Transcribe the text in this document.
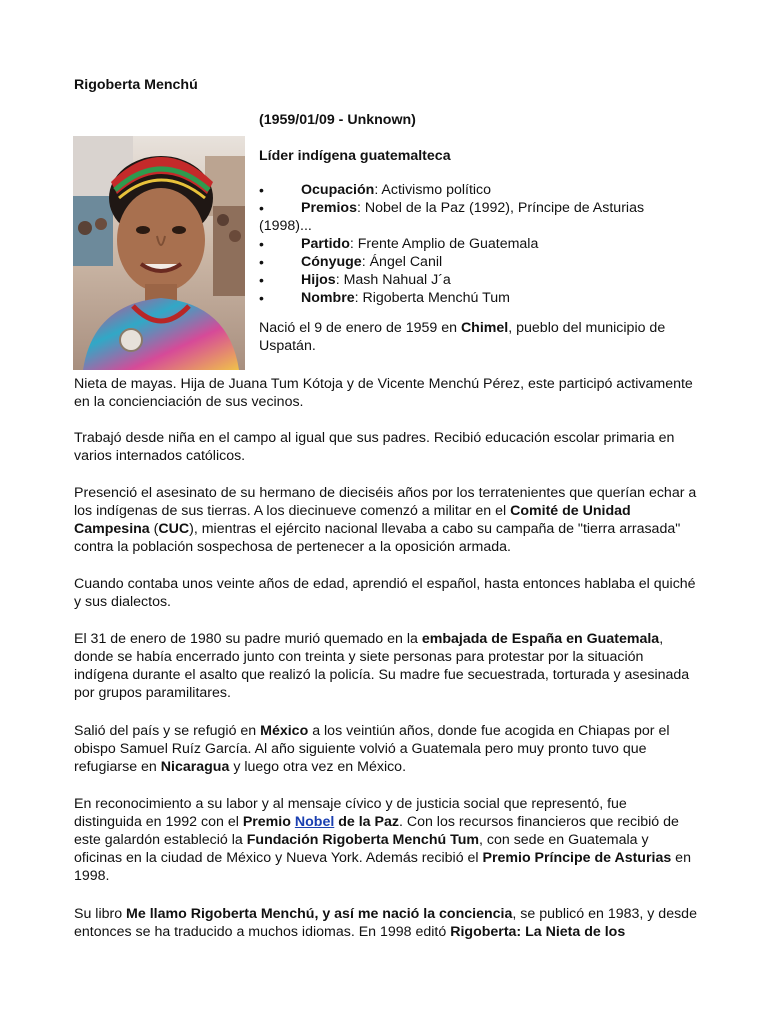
Rigoberta Menchú
(1959/01/09 - Unknown)
Líder indígena guatemalteca
• Ocupación: Activismo político
• Premios: Nobel de la Paz (1992), Príncipe de Asturias
(1998)...
• Partido: Frente Amplio de Guatemala
• Cónyuge: Ángel Canil
• Hijos: Mash Nahual J´a
• Nombre: Rigoberta Menchú Tum
Nació el 9 de enero de 1959 en Chimel, pueblo del municipio de Uspatán.
Nieta de mayas. Hija de Juana Tum Kótoja y de Vicente Menchú Pérez, este participó activamente en la concienciación de sus vecinos.
Trabajó desde niña en el campo al igual que sus padres. Recibió educación escolar primaria en varios internados católicos.
Presenció el asesinato de su hermano de dieciséis años por los terratenientes que querían echar a los indígenas de sus tierras. A los diecinueve comenzó a militar en el Comité de Unidad Campesina (CUC), mientras el ejército nacional llevaba a cabo su campaña de "tierra arrasada" contra la población sospechosa de pertenecer a la oposición armada.
Cuando contaba unos veinte años de edad, aprendió el español, hasta entonces hablaba el quiché y sus dialectos.
El 31 de enero de 1980 su padre murió quemado en la embajada de España en Guatemala, donde se había encerrado junto con treinta y siete personas para protestar por la situación indígena durante el asalto que realizó la policía. Su madre fue secuestrada, torturada y asesinada por grupos paramilitares.
Salió del país y se refugió en México a los veintiún años, donde fue acogida en Chiapas por el obispo Samuel Ruíz García. Al año siguiente volvió a Guatemala pero muy pronto tuvo que refugiarse en Nicaragua y luego otra vez en México.
En reconocimiento a su labor y al mensaje cívico y de justicia social que representó, fue distinguida en 1992 con el Premio Nobel de la Paz. Con los recursos financieros que recibió de este galardón estableció la Fundación Rigoberta Menchú Tum, con sede en Guatemala y oficinas en la ciudad de México y Nueva York. Además recibió el Premio Príncipe de Asturias en 1998.
Su libro Me llamo Rigoberta Menchú, y así me nació la conciencia, se publicó en 1983, y desde entonces se ha traducido a muchos idiomas. En 1998 editó Rigoberta: La Nieta de los
